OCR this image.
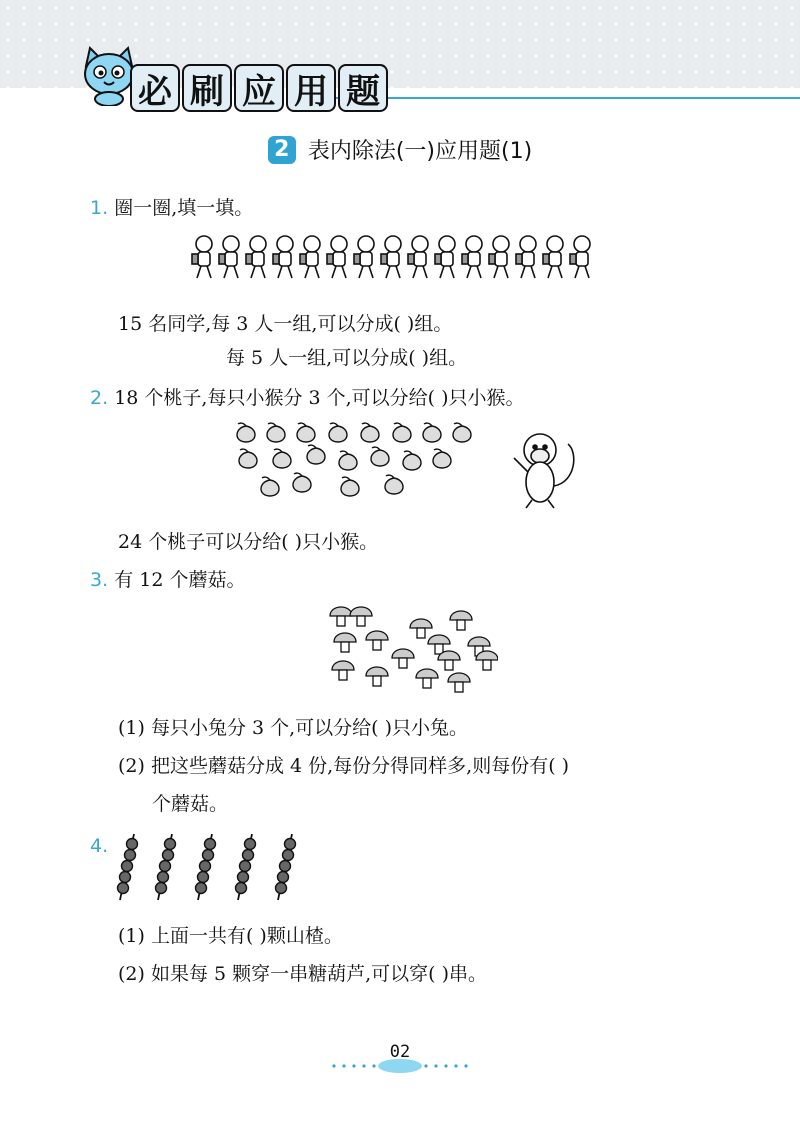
必 刷 应 用 题
2 表内除法(一)应用题(1)
1. 圈一圈,填一填。
15 名同学,每 3 人一组,可以分成( )组。
每 5 人一组,可以分成( )组。
2. 18 个桃子,每只小猴分 3 个,可以分给( )只小猴。
24 个桃子可以分给( )只小猴。
3. 有 12 个蘑菇。
(1) 每只小兔分 3 个,可以分给( )只小兔。
(2) 把这些蘑菇分成 4 份,每份分得同样多,则每份有( )
个蘑菇。
4.
(1) 上面一共有( )颗山楂。
(2) 如果每 5 颗穿一串糖葫芦,可以穿( )串。
02
